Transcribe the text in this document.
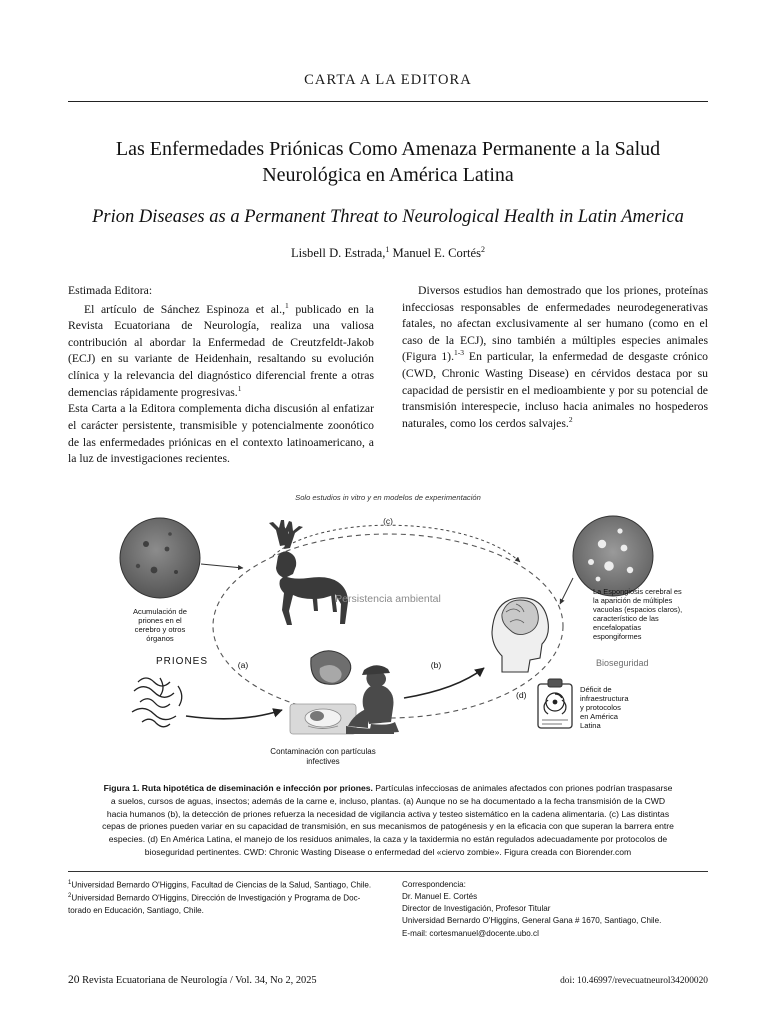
CARTA A LA EDITORA
Las Enfermedades Priónicas Como Amenaza Permanente a la Salud Neurológica en América Latina
Prion Diseases as a Permanent Threat to Neurological Health in Latin America
Lisbell D. Estrada,$^1$ Manuel E. Cortés$^2$

Estimada Editora:

El artículo de Sánchez Espinoza et al.,$^1$ publicado en la Revista Ecuatoriana de Neurología, realiza una valiosa contribución al abordar la Enfermedad de Creutzfeldt-Jakob (ECJ) en su variante de Heidenhain, resaltando su evolución clínica y la relevancia del diagnóstico diferencial frente a otras demencias rápidamente progresivas.$^1$

Esta Carta a la Editora complementa dicha discusión al enfatizar el carácter persistente, transmisible y potencialmente zoonótico de las enfermedades priónicas en el contexto latinoamericano, a la luz de investigaciones recientes.

Diversos estudios han demostrado que los priones, proteínas infecciosas responsables de enfermedades neurodegenerativas fatales, no afectan exclusivamente al ser humano (como en el caso de la ECJ), sino también a múltiples especies animales (Figura 1).$^{1-3}$ En particular, la enfermedad de desgaste crónico (CWD, Chronic Wasting Disease) en cérvidos destaca por su capacidad de persistir en el medioambiente y por su potencial de transmisión interespecie, incluso hacia animales no hospederos naturales, como los cerdos salvajes.$^2$

Solo estudios in vitro y en modelos de experimentación
(c)
Acumulación de
priones en el
cerebro y otros
órganos
Persistencia ambiental
PRIONES	(a)
Contaminación con partículas
infectives
(b)
La Espongiosis cerebral es
la aparición de múltiples
vacuolas (espacios claros),
característico de las
encefalopatías
espongiformes
Bioseguridad
(d)
Déficit de
infraestructura
y protocolos
en América
Latina
Figura 1. Ruta hipotética de diseminación e infección por priones. Partículas infecciosas de animales afectados con priones podrían traspasarse a suelos, cursos de aguas, insectos; además de la carne e, incluso, plantas. (a) Aunque no se ha documentado a la fecha transmisión de la CWD hacia humanos (b), la detección de priones refuerza la necesidad de vigilancia activa y testeo sistemático en la cadena alimentaria. (c) Las distintas cepas de priones pueden variar en su capacidad de transmisión, en sus mecanismos de patogénesis y en la eficacia con que superan la barrera entre especies. (d) En América Latina, el manejo de los residuos animales, la caza y la taxidermia no están regulados adecuadamente por protocolos de bioseguridad pertinentes. CWD: Chronic Wasting Disease o enfermedad del «ciervo zombie». Figura creada con Biorender.com
$^1$Universidad Bernardo O'Higgins, Facultad de Ciencias de la Salud, Santiago, Chile.
$^2$Universidad Bernardo O'Higgins, Dirección de Investigación y Programa de Doc-
torado en Educación, Santiago, Chile.
Correspondencia:
Dr. Manuel E. Cortés
Director de Investigación, Profesor Titular
Universidad Bernardo O'Higgins, General Gana # 1670, Santiago, Chile.
E-mail: cortesmanuel@docente.ubo.cl
20 Revista Ecuatoriana de Neurología / Vol. 34, No 2, 2025	doi: 10.46997/revecuatneurol34200020
